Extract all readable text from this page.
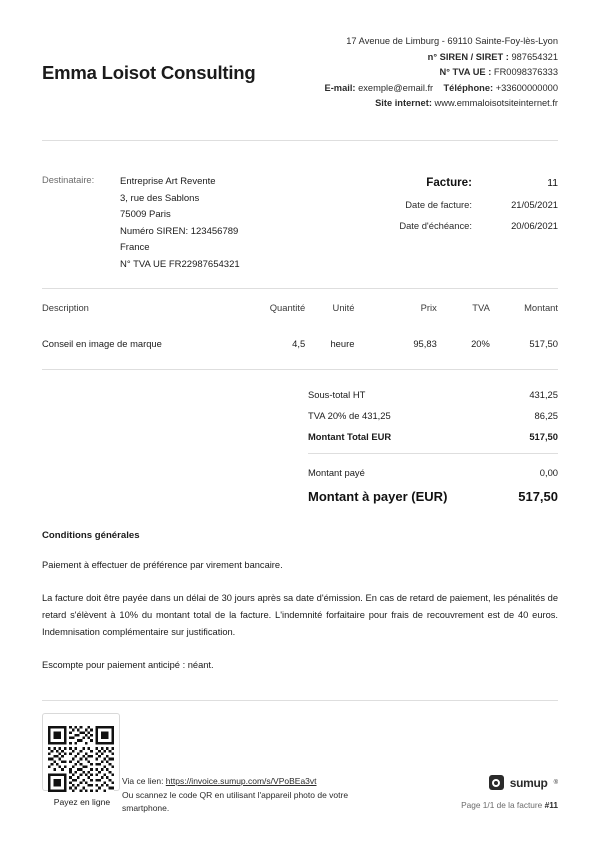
Emma Loisot Consulting
17 Avenue de Limburg - 69110 Sainte-Foy-lès-Lyon
n° SIREN / SIRET : 987654321
N° TVA UE : FR0098376333
E-mail: exemple@email.fr Téléphone: +33600000000
Site internet: www.emmaloisotsiteinternet.fr
Destinataire:	Entreprise Art Revente
3, rue des Sablons
75009 Paris
Numéro SIREN: 123456789
France
N° TVA UE FR22987654321
Facture:	11
Date de facture:	21/05/2021
Date d'échéance:	20/06/2021
Description	Quantité	Unité	Prix	TVA	Montant
Conseil en image de marque	4,5	heure	95,83	20%	517,50
Sous-total HT	431,25
TVA 20% de 431,25	86,25
Montant Total EUR	517,50
Montant payé	0,00
Montant à payer (EUR)	517,50
Conditions générales

Paiement à effectuer de préférence par virement bancaire.

La facture doit être payée dans un délai de 30 jours après sa date d'émission. En cas de retard de paiement, les pénalités de retard s'élèvent à 10% du montant total de la facture. L'indemnité forfaitaire pour frais de recouvrement est de 40 euros. Indemnisation complémentaire sur justification.

Escompte pour paiement anticipé : néant.

Payez en ligne
Via ce lien: https://invoice.sumup.com/s/VPoBEa3vt
Ou scannez le code QR en utilisant l'appareil photo de votre smartphone.
sumup ®
Page 1/1 de la facture #11
